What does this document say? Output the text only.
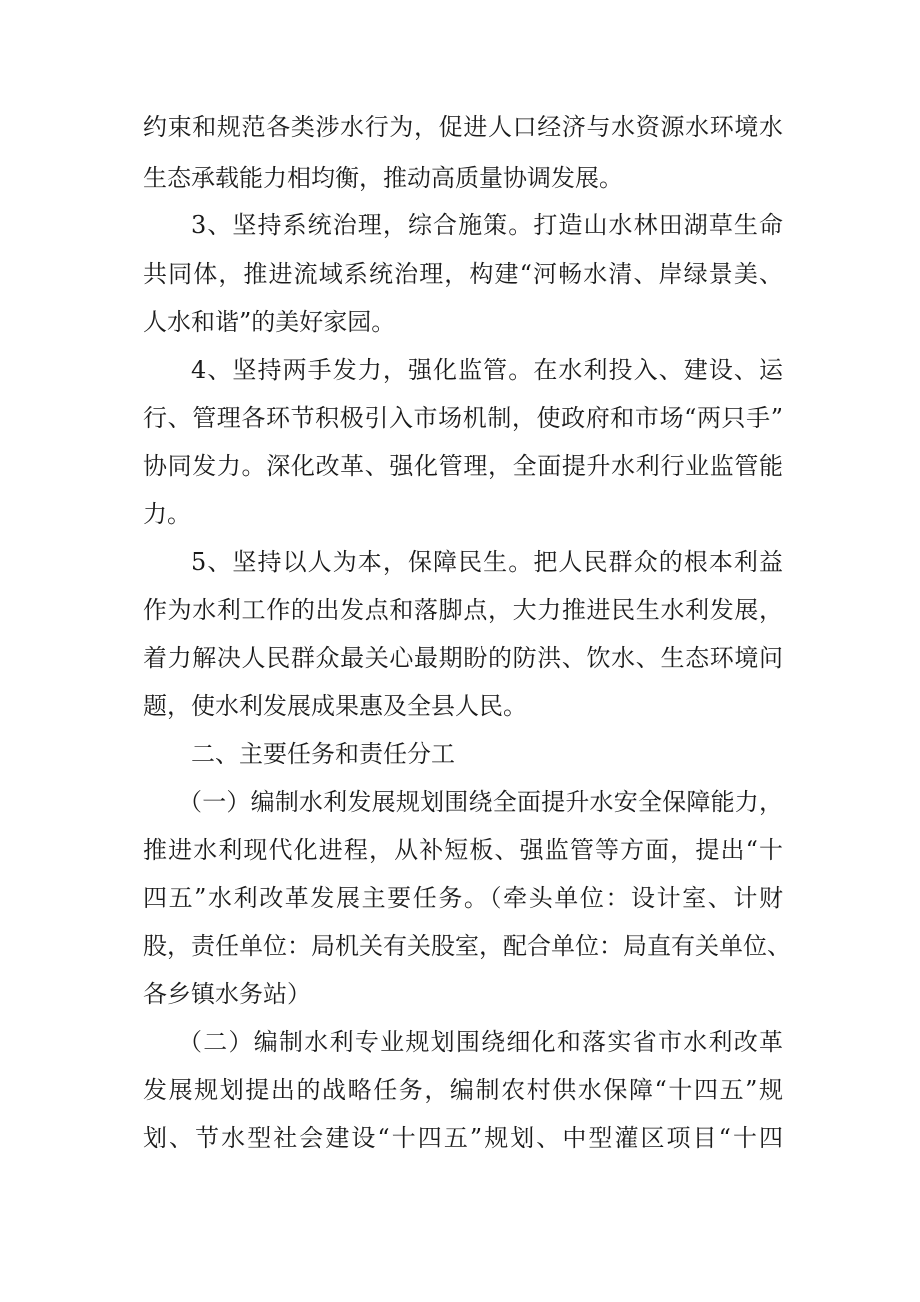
约束和规范各类涉水行为，促进人口经济与水资源水环境水

生态承载能力相均衡，推动高质量协调发展。

3、坚持系统治理，综合施策。打造山水林田湖草生命

共同体，推进流域系统治理，构建“河畅水清、岸绿景美、

人水和谐”的美好家园。

4、坚持两手发力，强化监管。在水利投入、建设、运

行、管理各环节积极引入市场机制，使政府和市场“两只手”

协同发力。深化改革、强化管理，全面提升水利行业监管能

力。

5、坚持以人为本，保障民生。把人民群众的根本利益

作为水利工作的出发点和落脚点，大力推进民生水利发展，

着力解决人民群众最关心最期盼的防洪、饮水、生态环境问

题，使水利发展成果惠及全县人民。

二、主要任务和责任分工

（一）编制水利发展规划围绕全面提升水安全保障能力，

推进水利现代化进程，从补短板、强监管等方面，提出“十

四五”水利改革发展主要任务。（牵头单位：设计室、计财

股，责任单位：局机关有关股室，配合单位：局直有关单位、

各乡镇水务站）

（二）编制水利专业规划围绕细化和落实省市水利改革

发展规划提出的战略任务，编制农村供水保障“十四五”规

划、节水型社会建设“十四五”规划、中型灌区项目“十四
